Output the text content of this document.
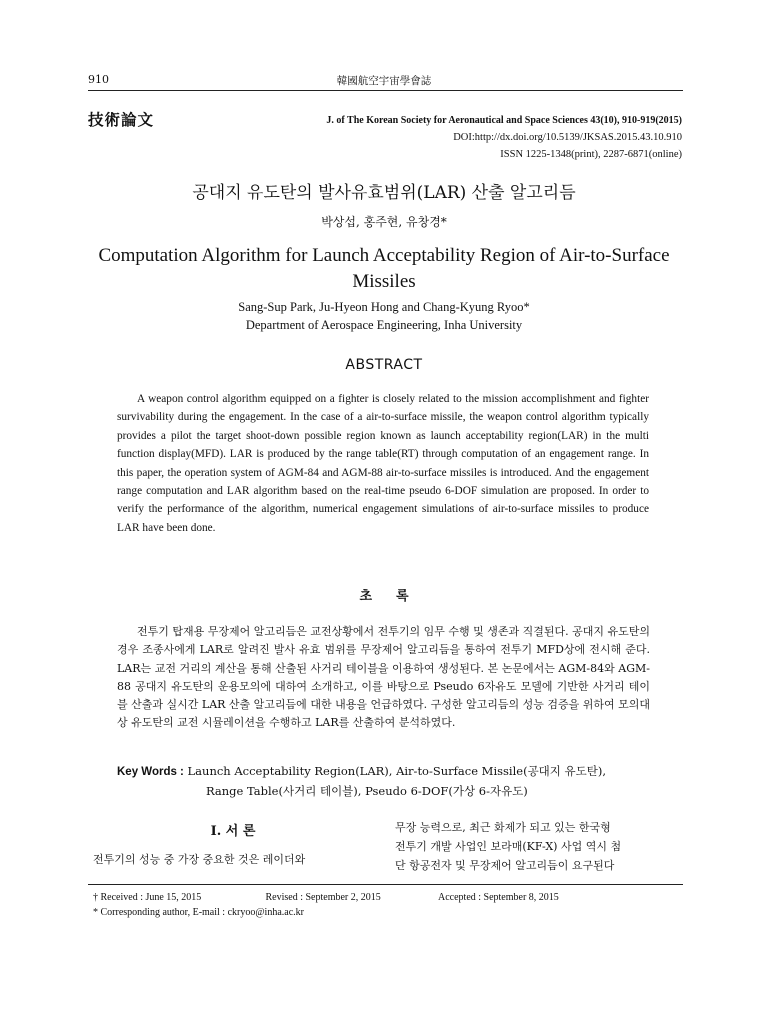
910	韓國航空宇宙學會誌
技術論文	J. of The Korean Society for Aeronautical and Space Sciences 43(10), 910-919(2015)
DOI:http://dx.doi.org/10.5139/JKSAS.2015.43.10.910
ISSN 1225-1348(print), 2287-6871(online)
공대지 유도탄의 발사유효범위(LAR) 산출 알고리듬
박상섭, 홍주현, 유창경*
Computation Algorithm for Launch Acceptability Region of Air-to-Surface Missiles
Sang-Sup Park, Ju-Hyeon Hong and Chang-Kyung Ryoo*
Department of Aerospace Engineering, Inha University
ABSTRACT
A weapon control algorithm equipped on a fighter is closely related to the mission accomplishment and fighter survivability during the engagement. In the case of a air-to-surface missile, the weapon control algorithm typically provides a pilot the target shoot-down possible region known as launch acceptability region(LAR) in the multi function display(MFD). LAR is produced by the range table(RT) through computation of an engagement range. In this paper, the operation system of AGM-84 and AGM-88 air-to-surface missiles is introduced. And the engagement range computation and LAR algorithm based on the real-time pseudo 6-DOF simulation are proposed. In order to verify the performance of the algorithm, numerical engagement simulations of air-to-surface missiles to produce LAR have been done.
초 록
전투기 탑재용 무장제어 알고리듬은 교전상황에서 전투기의 임무 수행 및 생존과 직결된다. 공대지 유도탄의 경우 조종사에게 LAR로 알려진 발사 유효 범위를 무장제어 알고리듬을 통하여 전투기 MFD상에 전시해 준다. LAR는 교전 거리의 계산을 통해 산출된 사거리 테이블을 이용하여 생성된다. 본 논문에서는 AGM-84와 AGM-88 공대지 유도탄의 운용모의에 대하여 소개하고, 이를 바탕으로 Pseudo 6자유도 모델에 기반한 사거리 테이블 산출과 실시간 LAR 산출 알고리듬에 대한 내용을 언급하였다. 구성한 알고리듬의 성능 검증을 위하여 모의대상 유도탄의 교전 시뮬레이션을 수행하고 LAR를 산출하여 분석하였다.
Key Words : Launch Acceptability Region(LAR), Air-to-Surface Missile(공대지 유도탄),
Range Table(사거리 테이블), Pseudo 6-DOF(가상 6-자유도)
Ⅰ. 서 론
전투기의 성능 중 가장 중요한 것은 레이더와
무장 능력으로, 최근 화제가 되고 있는 한국형
전투기 개발 사업인 보라매(KF-X) 사업 역시 첨
단 항공전자 및 무장제어 알고리듬이 요구된다
† Received : June 15, 2015	Revised : September 2, 2015	Accepted : September 8, 2015
* Corresponding author, E-mail : ckryoo@inha.ac.kr
